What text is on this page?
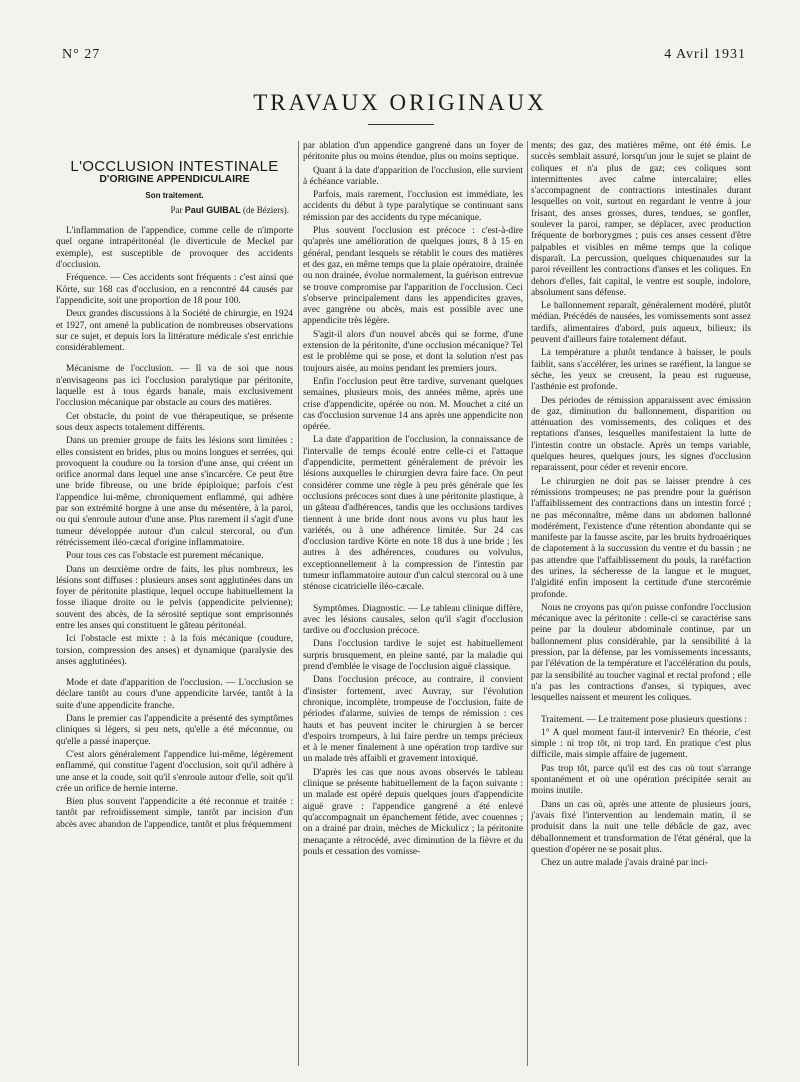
N° 27	4 Avril 1931
TRAVAUX ORIGINAUX
L'OCCLUSION INTESTINALE
D'ORIGINE APPENDICULAIRE
Son traitement.
Par Paul GUIBAL (de Béziers).

L'inflammation de l'appendice, comme celle de n'importe quel organe intrapéritonéal (le diverticule de Meckel par exemple), est susceptible de provoquer des accidents d'occlusion.

Fréquence. — Ces accidents sont fréquents : c'est ainsi que Körte, sur 168 cas d'occlusion, en a rencontré 44 causés par l'appendicite, soit une proportion de 18 pour 100.

Deux grandes discussions à la Société de chirurgie, en 1924 et 1927, ont amené la publication de nombreuses observations sur ce sujet, et depuis lors la littérature médicale s'est enrichie considérablement.

Mécanisme de l'occlusion. — Il va de soi que nous n'envisageons pas ici l'occlusion paralytique par péritonite, laquelle est à tous égards banale, mais exclusivement l'occlusion mécanique par obstacle au cours des matières.

Cet obstacle, du point de vue thérapeutique, se présente sous deux aspects totalement différents.

Dans un premier groupe de faits les lésions sont limitées : elles consistent en brides, plus ou moins longues et serrées, qui provoquent la coudure ou la torsion d'une anse, qui créent un orifice anormal dans lequel une anse s'incarcère. Ce peut être une bride fibreuse, ou une bride épiploïque; parfois c'est l'appendice lui-même, chroniquement enflammé, qui adhère par son extrémité borgne à une anse du mésentère, à la paroi, ou qui s'enroule autour d'une anse. Plus rarement il s'agit d'une tumeur développée autour d'un calcul stercoral, ou d'un rétrécissement iléo-cæcal d'origine inflammatoire.

Pour tous ces cas l'obstacle est purement mécanique.

Dans un deuxième ordre de faits, les plus nombreux, les lésions sont diffuses : plusieurs anses sont agglutinées dans un foyer de péritonite plastique, lequel occupe habituellement la fosse iliaque droite ou le pelvis (appendicite pelvienne); souvent des abcès, de la sérosité septique sont emprisonnés entre les anses qui constituent le gâteau péritonéal.

Ici l'obstacle est mixte : à la fois mécanique (coudure, torsion, compression des anses) et dynamique (paralysie des anses agglutinées).

Mode et date d'apparition de l'occlusion. — L'occlusion se déclare tantôt au cours d'une appendicite larvée, tantôt à la suite d'une appendicite franche.

Dans le premier cas l'appendicite a présenté des symptômes cliniques si légers, si peu nets, qu'elle a été méconnue, ou qu'elle a passé inaperçue.

C'est alors généralement l'appendice lui-même, légèrement enflammé, qui constitue l'agent d'occlusion, soit qu'il adhère à une anse et la coude, soit qu'il s'enroule autour d'elle, soit qu'il crée un orifice de hernie interne.

Bien plus souvent l'appendicite a été reconnue et traitée : tantôt par refroidissement simple, tantôt par incision d'un abcès avec abandon de l'appendice, tantôt et plus fréquemment

par ablation d'un appendice gangrené dans un foyer de péritonite plus ou moins étendue, plus ou moins septique.

Quant à la date d'apparition de l'occlusion, elle survient à échéance variable.

Parfois, mais rarement, l'occlusion est immédiate, les accidents du début à type paralytique se continuant sans rémission par des accidents du type mécanique.

Plus souvent l'occlusion est précoce : c'est-à-dire qu'après une amélioration de quelques jours, 8 à 15 en général, pendant lesquels se rétablit le cours des matières et des gaz, en même temps que la plaie opératoire, drainée ou non drainée, évolue normalement, la guérison entrevue se trouve compromise par l'apparition de l'occlusion. Ceci s'observe principalement dans les appendicites graves, avec gangrène ou abcès, mais est possible avec une appendicite très légère.

S'agit-il alors d'un nouvel abcès qui se forme, d'une extension de la péritonite, d'une occlusion mécanique? Tel est le problème qui se pose, et dont la solution n'est pas toujours aisée, au moins pendant les premiers jours.

Enfin l'occlusion peut être tardive, survenant quelques semaines, plusieurs mois, des années même, après une crise d'appendicite, opérée ou non. M. Mouchet a cité un cas d'occlusion survenue 14 ans après une appendicite non opérée.

La date d'apparition de l'occlusion, la connaissance de l'intervalle de temps écoulé entre celle-ci et l'attaque d'appendicite, permettent généralement de prévoir les lésions auxquelles le chirurgien devra faire face. On peut considérer comme une règle à peu près générale que les occlusions précoces sont dues à une péritonite plastique, à un gâteau d'adhérences, tandis que les occlusions tardives tiennent à une bride dont nous avons vu plus haut les variétés, ou à une adhérence limitée. Sur 24 cas d'occlusion tardive Körte en note 18 dus à une bride ; les autres à des adhérences, coudures ou volvulus, exceptionnellement à la compression de l'intestin par tumeur inflammatoire autour d'un calcul stercoral ou à une sténose cicatricielle iléo-cæcale.

Symptômes. Diagnostic. — Le tableau clinique diffère, avec les lésions causales, selon qu'il s'agit d'occlusion tardive ou d'occlusion précoce.

Dans l'occlusion tardive le sujet est habituellement surpris brusquement, en pleine santé, par la maladie qui prend d'emblée le visage de l'occlusion aiguë classique.

Dans l'occlusion précoce, au contraire, il convient d'insister fortement, avec Auvray, sur l'évolution chronique, incomplète, trompeuse de l'occlusion, faite de périodes d'alarme, suivies de temps de rémission : ces hauts et bas peuvent inciter le chirurgien à se bercer d'espoirs trompeurs, à lui faire perdre un temps précieux et à le mener finalement à une opération trop tardive sur un malade très affaibli et gravement intoxiqué.

D'après les cas que nous avons observés le tableau clinique se présente habituellement de la façon suivante : un malade est opéré depuis quelques jours d'appendicite aiguë grave : l'appendice gangrené a été enlevé qu'accompagnait un épanchement fétide, avec couennes ; on a drainé par drain, mèches de Mickulicz ; la péritonite menaçante a rétrocédé, avec diminution de la fièvre et du pouls et cessation des vomisse-

ments; des gaz, des matières même, ont été émis. Le succès semblait assuré, lorsqu'un jour le sujet se plaint de coliques et n'a plus de gaz; ces coliques sont intermittentes avec calme intercalaire; elles s'accompagnent de contractions intestinales durant lesquelles on voit, surtout en regardant le ventre à jour frisant, des anses grosses, dures, tendues, se gonfler, soulever la paroi, ramper, se déplacer, avec production fréquente de borborygmes ; puis ces anses cessent d'être palpables et visibles en même temps que la colique disparaît. La percussion, quelques chiquenaudes sur la paroi réveillent les contractions d'anses et les coliques. En dehors d'elles, fait capital, le ventre est souple, indolore, absolument sans défense.

Le ballonnement reparaît, généralement modéré, plutôt médian. Précédés de nausées, les vomissements sont assez tardifs, alimentaires d'abord, puis aqueux, bilieux; ils peuvent d'ailleurs faire totalement défaut.

La température a plutôt tendance à baisser, le pouls faiblit, sans s'accélérer, les urines se raréfient, la langue se sèche, les yeux se creusent, la peau est rugueuse, l'asthénie est profonde.

Des périodes de rémission apparaissent avec émission de gaz, diminution du ballonnement, disparition ou atténuation des vomissements, des coliques et des reptations d'anses, lesquelles manifestaient la lutte de l'intestin contre un obstacle. Après un temps variable, quelques heures, quelques jours, les signes d'occlusion reparaissent, pour céder et revenir encore.

Le chirurgien ne doit pas se laisser prendre à ces rémissions trompeuses; ne pas prendre pour la guérison l'affaiblissement des contractions dans un intestin forcé ; ne pas méconnaître, même dans un abdomen ballonné modérément, l'existence d'une rétention abondante qui se manifeste par la fausse ascite, par les bruits hydroaériques de clapotement à la succussion du ventre et du bassin ; ne pas attendre que l'affaiblissement du pouls, la raréfaction des urines, la sécheresse de la langue et le muguet, l'algidité enfin imposent la certitude d'une stercorémie profonde.

Nous ne croyons pas qu'on puisse confondre l'occlusion mécanique avec la péritonite : celle-ci se caractérise sans peine par la douleur abdominale continue, par un ballonnement plus considérable, par la sensibilité à la pression, par la défense, par les vomissements incessants, par l'élévation de la température et l'accélération du pouls, par la sensibilité au toucher vaginal et rectal profond ; elle n'a pas les contractions d'anses, si typiques, avec lesquelles naissent et meurent les coliques.

Traitement. — Le traitement pose plusieurs questions :

1° A quel moment faut-il intervenir? En théorie, c'est simple : ni trop tôt, ni trop tard. En pratique c'est plus difficile, mais simple affaire de jugement.

Pas trop tôt, parce qu'il est des cas où tout s'arrange spontanément et où une opération précipitée serait au moins inutile.

Dans un cas où, après une attente de plusieurs jours, j'avais fixé l'intervention au lendemain matin, il se produisit dans la nuit une telle débâcle de gaz, avec déballonnement et transformation de l'état général, que la question d'opérer ne se posait plus.

Chez un autre malade j'avais drainé par inci-
